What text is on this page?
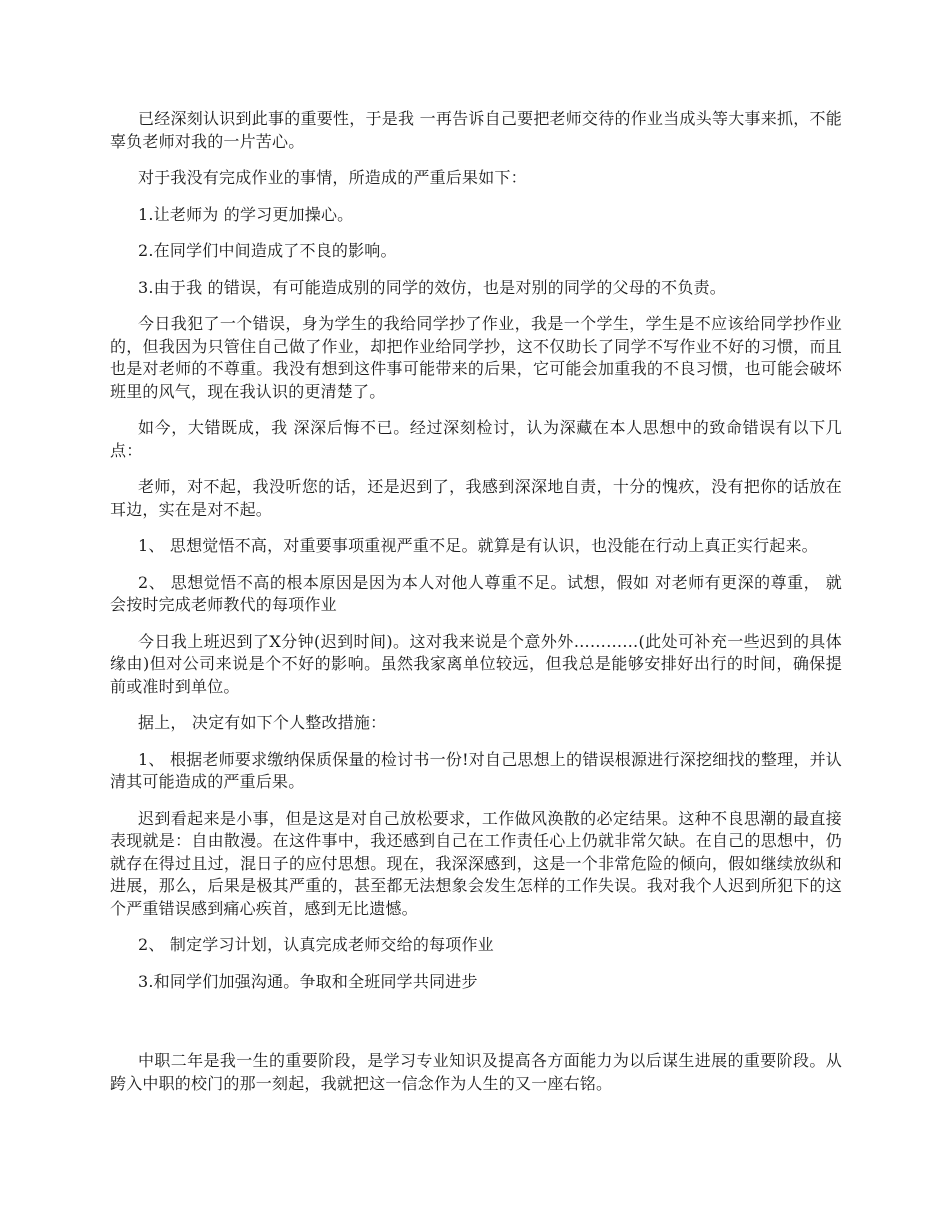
已经深刻认识到此事的重要性，于是我 一再告诉自己要把老师交待的作业当成头等大事来抓，不能辜负老师对我的一片苦心。

对于我没有完成作业的事情，所造成的严重后果如下：

1.让老师为 的学习更加操心。

2.在同学们中间造成了不良的影响。

3.由于我 的错误，有可能造成别的同学的效仿，也是对别的同学的父母的不负责。

今日我犯了一个错误，身为学生的我给同学抄了作业，我是一个学生，学生是不应该给同学抄作业的，但我因为只管住自己做了作业，却把作业给同学抄，这不仅助长了同学不写作业不好的习惯，而且也是对老师的不尊重。我没有想到这件事可能带来的后果，它可能会加重我的不良习惯，也可能会破坏班里的风气，现在我认识的更清楚了。

如今，大错既成，我 深深后悔不已。经过深刻检讨，认为深藏在本人思想中的致命错误有以下几点：

老师，对不起，我没听您的话，还是迟到了，我感到深深地自责，十分的愧疚，没有把你的话放在耳边，实在是对不起。

1、 思想觉悟不高，对重要事项重视严重不足。就算是有认识，也没能在行动上真正实行起来。

2、 思想觉悟不高的根本原因是因为本人对他人尊重不足。试想，假如 对老师有更深的尊重， 就会按时完成老师教代的每项作业

今日我上班迟到了X分钟(迟到时间)。这对我来说是个意外外…………(此处可补充一些迟到的具体缘由)但对公司来说是个不好的影响。虽然我家离单位较远，但我总是能够安排好出行的时间，确保提前或准时到单位。

据上， 决定有如下个人整改措施：

1、 根据老师要求缴纳保质保量的检讨书一份!对自己思想上的错误根源进行深挖细找的整理，并认清其可能造成的严重后果。

迟到看起来是小事，但是这是对自己放松要求，工作做风涣散的必定结果。这种不良思潮的最直接表现就是：自由散漫。在这件事中，我还感到自己在工作责任心上仍就非常欠缺。在自己的思想中，仍就存在得过且过，混日子的应付思想。现在，我深深感到，这是一个非常危险的倾向，假如继续放纵和进展，那么，后果是极其严重的，甚至都无法想象会发生怎样的工作失误。我对我个人迟到所犯下的这个严重错误感到痛心疾首，感到无比遗憾。

2、 制定学习计划，认真完成老师交给的每项作业

3.和同学们加强沟通。争取和全班同学共同进步

中职二年是我一生的重要阶段，是学习专业知识及提高各方面能力为以后谋生进展的重要阶段。从跨入中职的校门的那一刻起，我就把这一信念作为人生的又一座右铭。
